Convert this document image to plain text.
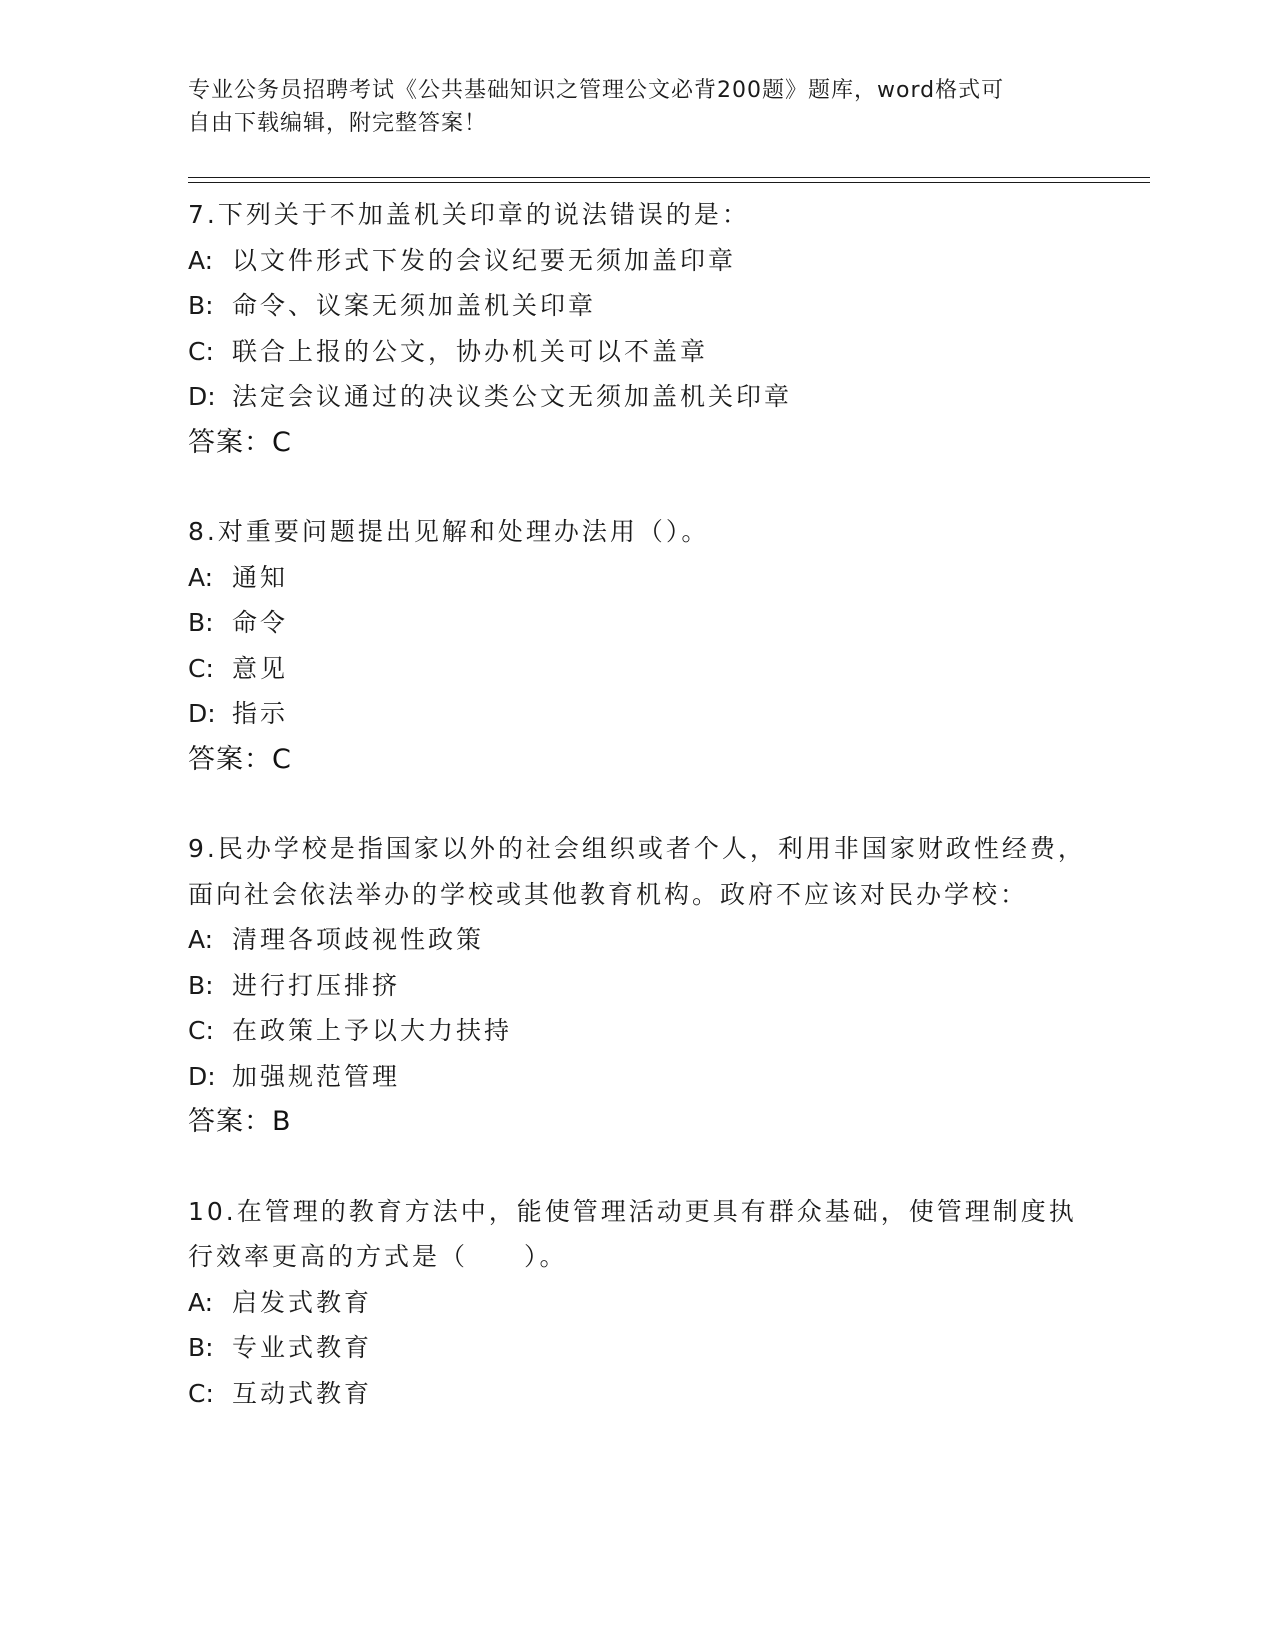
专业公务员招聘考试《公共基础知识之管理公文必背200题》题库，word格式可
自由下载编辑，附完整答案！
7.下列关于不加盖机关印章的说法错误的是：
A: 以文件形式下发的会议纪要无须加盖印章
B: 命令、议案无须加盖机关印章
C: 联合上报的公文，协办机关可以不盖章
D: 法定会议通过的决议类公文无须加盖机关印章
答案：C
8.对重要问题提出见解和处理办法用（）。
A: 通知
B: 命令
C: 意见
D: 指示
答案：C
9.民办学校是指国家以外的社会组织或者个人，利用非国家财政性经费，面向社会依法举办的学校或其他教育机构。政府不应该对民办学校：
A: 清理各项歧视性政策
B: 进行打压排挤
C: 在政策上予以大力扶持
D: 加强规范管理
答案：B
10.在管理的教育方法中，能使管理活动更具有群众基础，使管理制度执行效率更高的方式是（　　）。
A: 启发式教育
B: 专业式教育
C: 互动式教育
